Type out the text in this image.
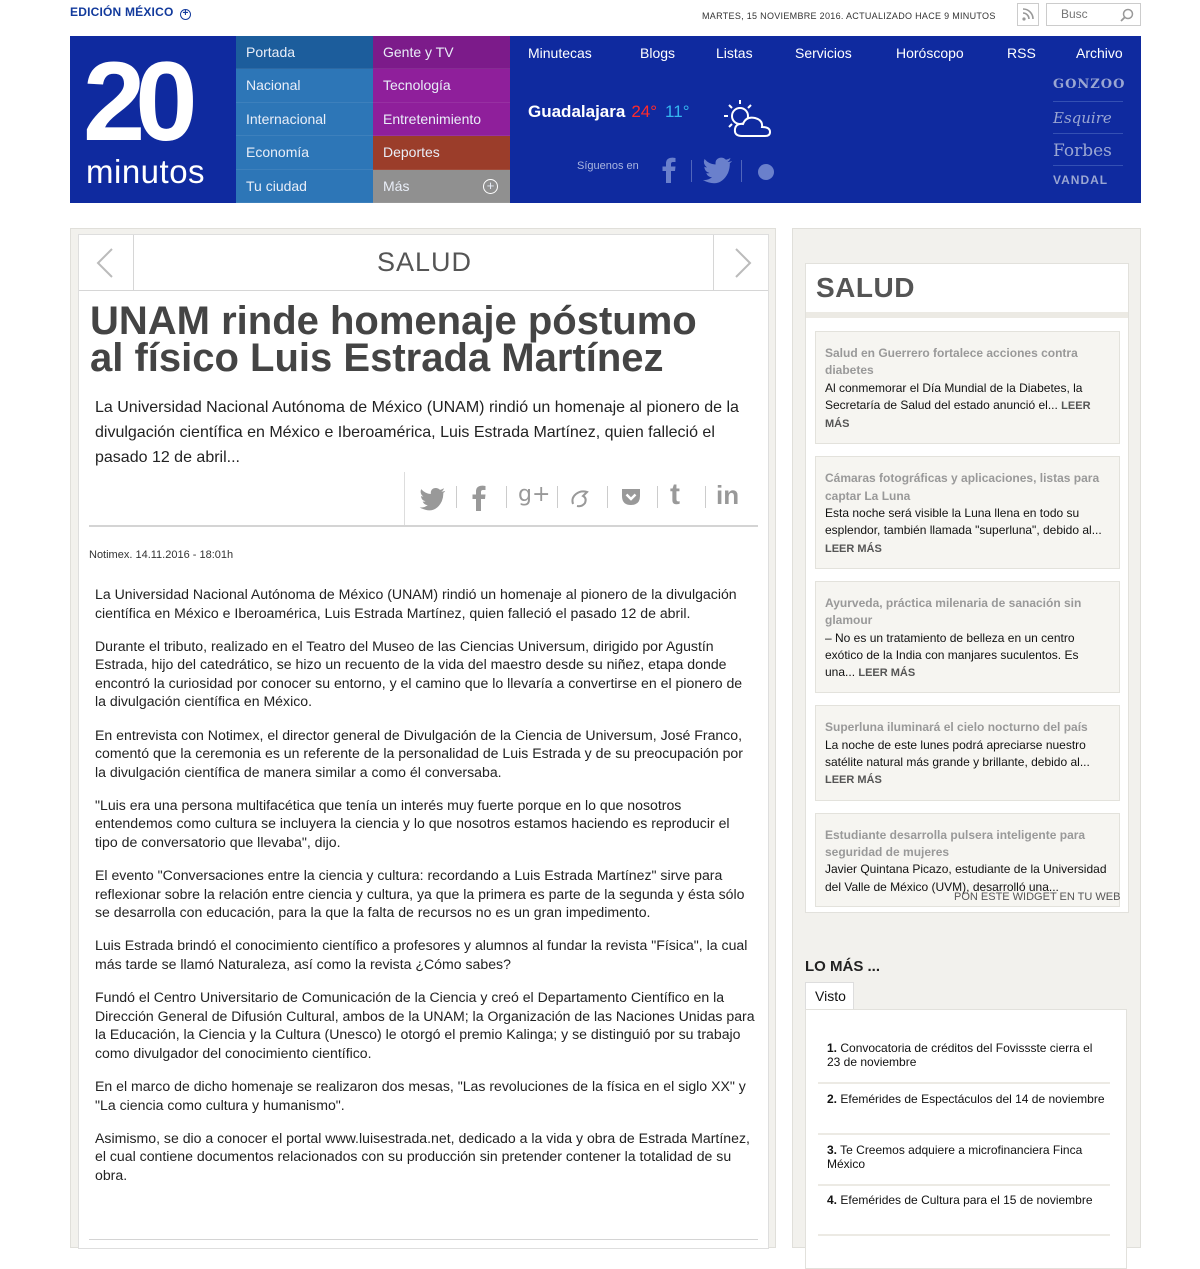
EDICIÓN MÉXICO +	MARTES, 15 NOVIEMBRE 2016. ACTUALIZADO HACE 9 MINUTOS
Busc
20
minutos
Portada
Nacional
Internacional
Economía
Tu ciudad
Gente y TV
Tecnología
Entretenimiento
Deportes
Más	+
Minutecas	Blogs	Listas	Servicios	Horóscopo	RSS	Archivo
Guadalajara 24° 11°
Síguenos en
GONZOO
Esquire
Forbes
VANDAL
SALUD
UNAM rinde homenaje póstumo al físico Luis Estrada Martínez
La Universidad Nacional Autónoma de México (UNAM) rindió un homenaje al pionero de la divulgación científica en México e Iberoamérica, Luis Estrada Martínez, quien falleció el pasado 12 de abril...
g+	t in
Notimex. 14.11.2016 - 18:01h

La Universidad Nacional Autónoma de México (UNAM) rindió un homenaje al pionero de la divulgación científica en México e Iberoamérica, Luis Estrada Martínez, quien falleció el pasado 12 de abril.

Durante el tributo, realizado en el Teatro del Museo de las Ciencias Universum, dirigido por Agustín Estrada, hijo del catedrático, se hizo un recuento de la vida del maestro desde su niñez, etapa donde encontró la curiosidad por conocer su entorno, y el camino que lo llevaría a convertirse en el pionero de la divulgación científica en México.

En entrevista con Notimex, el director general de Divulgación de la Ciencia de Universum, José Franco, comentó que la ceremonia es un referente de la personalidad de Luis Estrada y de su preocupación por la divulgación científica de manera similar a como él conversaba.

"Luis era una persona multifacética que tenía un interés muy fuerte porque en lo que nosotros entendemos como cultura se incluyera la ciencia y lo que nosotros estamos haciendo es reproducir el tipo de conversatorio que llevaba", dijo.

El evento "Conversaciones entre la ciencia y cultura: recordando a Luis Estrada Martínez" sirve para reflexionar sobre la relación entre ciencia y cultura, ya que la primera es parte de la segunda y ésta sólo se desarrolla con educación, para la que la falta de recursos no es un gran impedimento.

Luis Estrada brindó el conocimiento científico a profesores y alumnos al fundar la revista "Física", la cual más tarde se llamó Naturaleza, así como la revista ¿Cómo sabes?

Fundó el Centro Universitario de Comunicación de la Ciencia y creó el Departamento Científico en la Dirección General de Difusión Cultural, ambos de la UNAM; la Organización de las Naciones Unidas para la Educación, la Ciencia y la Cultura (Unesco) le otorgó el premio Kalinga; y se distinguió por su trabajo como divulgador del conocimiento científico.

En el marco de dicho homenaje se realizaron dos mesas, "Las revoluciones de la física en el siglo XX" y "La ciencia como cultura y humanismo".

Asimismo, se dio a conocer el portal www.luisestrada.net, dedicado a la vida y obra de Estrada Martínez, el cual contiene documentos relacionados con su producción sin pretender contener la totalidad de su obra.

SALUD
Salud en Guerrero fortalece acciones contra diabetes
Al conmemorar el Día Mundial de la Diabetes, la Secretaría de Salud del estado anunció el... LEER MÁS
Cámaras fotográficas y aplicaciones, listas para captar La Luna
Esta noche será visible la Luna llena en todo su esplendor, también llamada "superluna", debido al... LEER MÁS
Ayurveda, práctica milenaria de sanación sin glamour
– No es un tratamiento de belleza en un centro exótico de la India con manjares suculentos. Es una... LEER MÁS
Superluna iluminará el cielo nocturno del país
La noche de este lunes podrá apreciarse nuestro satélite natural más grande y brillante, debido al... LEER MÁS
Estudiante desarrolla pulsera inteligente para seguridad de mujeres
Javier Quintana Picazo, estudiante de la Universidad del Valle de México (UVM), desarrolló una...
PON ESTE WIDGET EN TU WEB
LO MÁS ...
Visto
1. Convocatoria de créditos del Fovissste cierra el 23 de noviembre
2. Efemérides de Espectáculos del 14 de noviembre
3. Te Creemos adquiere a microfinanciera Finca México
4. Efemérides de Cultura para el 15 de noviembre
